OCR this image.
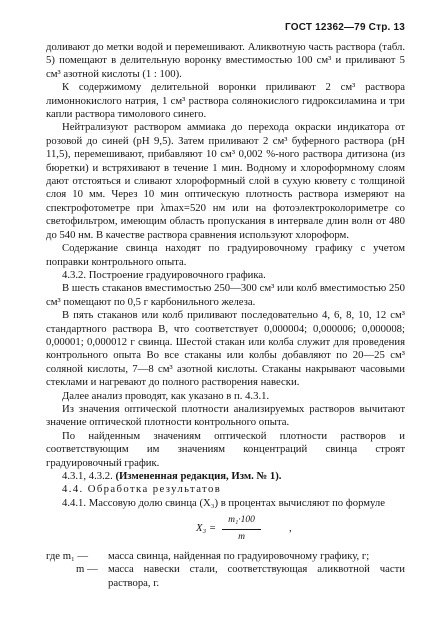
ГОСТ 12362—79 Стр. 13

доливают до метки водой и перемешивают. Аликвотную часть раствора (табл. 5) помещают в делительную воронку вместимостью 100 см³ и приливают 5 см³ азотной кислоты (1 : 100).

К содержимому делительной воронки приливают 2 см³ раствора лимоннокислого натрия, 1 см³ раствора солянокислого гидроксиламина и три капли раствора тимолового синего.

Нейтрализуют раствором аммиака до перехода окраски индикатора от розовой до синей (рН 9,5). Затем приливают 2 см³ буферного раствора (рН 11,5), перемешивают, прибавляют 10 см³ 0,002 %-ного раствора дитизона (из бюретки) и встряхивают в течение 1 мин. Водному и хлороформному слоям дают отстояться и сливают хлороформный слой в сухую кювету с толщиной слоя 10 мм. Через 10 мин оптическую плотность раствора измеряют на спектрофотометре при λmax=520 нм или на фотоэлектроколориметре со светофильтром, имеющим область пропускания в интервале длин волн от 480 до 540 нм. В качестве раствора сравнения используют хлороформ.

Содержание свинца находят по градуировочному графику с учетом поправки контрольного опыта.

4.3.2. Построение градуировочного графика.

В шесть стаканов вместимостью 250—300 см³ или колб вместимостью 250 см³ помещают по 0,5 г карбонильного железа.

В пять стаканов или колб приливают последовательно 4, 6, 8, 10, 12 см³ стандартного раствора В, что соответствует 0,000004; 0,000006; 0,000008; 0,00001; 0,000012 г свинца. Шестой стакан или колба служит для проведения контрольного опыта Во все стаканы или колбы добавляют по 20—25 см³ соляной кислоты, 7—8 см³ азотной кислоты. Стаканы накрывают часовыми стеклами и нагревают до полного растворения навески.

Далее анализ проводят, как указано в п. 4.3.1.

Из значения оптической плотности анализируемых растворов вычитают значение оптической плотности контрольного опыта.

По найденным значениям оптической плотности растворов и соответствующим им значениям концентраций свинца строят градуировочный график.

4.3.1, 4.3.2. (Измененная редакция, Изм. № 1).

4.4. Обработка результатов

4.4.1. Массовую долю свинца (X₃) в процентах вычисляют по формуле

$X_3 = \frac{\text{m₁·100}}{m}$	,
где m₁ —	масса свинца, найденная по градуировочному графику, г;
m — масса навески стали, соответствующая аликвотной части раствора, г.
